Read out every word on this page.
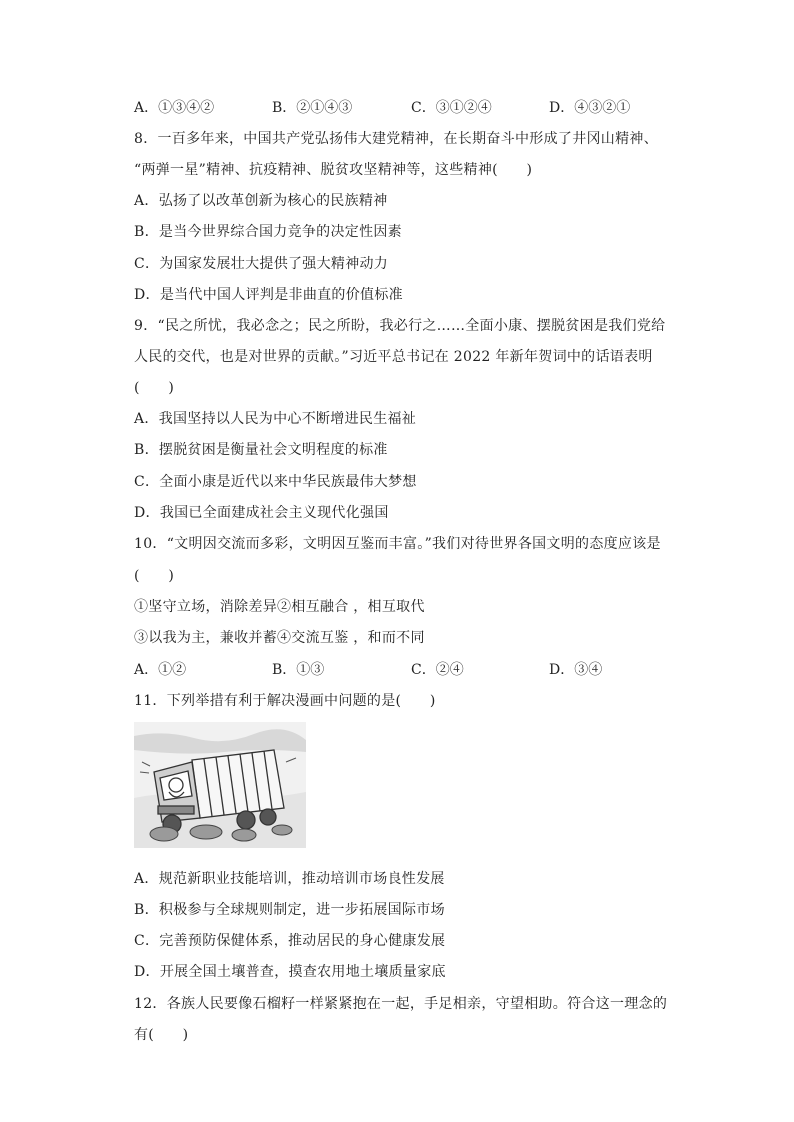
A．①③④②	B．②①④③	C．③①②④	D．④③②①
8．一百多年来，中国共产党弘扬伟大建党精神，在长期奋斗中形成了井冈山精神、
“两弹一星”精神、抗疫精神、脱贫攻坚精神等，这些精神(　　)
A．弘扬了以改革创新为核心的民族精神
B．是当今世界综合国力竞争的决定性因素
C．为国家发展壮大提供了强大精神动力
D．是当代中国人评判是非曲直的价值标准
9．“民之所忧，我必念之；民之所盼，我必行之……全面小康、摆脱贫困是我们党给
人民的交代，也是对世界的贡献。”习近平总书记在 2022 年新年贺词中的话语表明
(　　)
A．我国坚持以人民为中心不断增进民生福祉
B．摆脱贫困是衡量社会文明程度的标准
C．全面小康是近代以来中华民族最伟大梦想
D．我国已全面建成社会主义现代化强国
10．“文明因交流而多彩，文明因互鉴而丰富。”我们对待世界各国文明的态度应该是
(　　)
①坚守立场，消除差异②相互融合 ，相互取代
③以我为主，兼收并蓄④交流互鉴 ，和而不同
A．①②	B．①③	C．②④	D．③④
11．下列举措有利于解决漫画中问题的是(　　)
A．规范新职业技能培训，推动培训市场良性发展
B．积极参与全球规则制定，进一步拓展国际市场
C．完善预防保健体系，推动居民的身心健康发展
D．开展全国土壤普查，摸查农用地土壤质量家底
12．各族人民要像石榴籽一样紧紧抱在一起，手足相亲，守望相助。符合这一理念的
有(　　)
